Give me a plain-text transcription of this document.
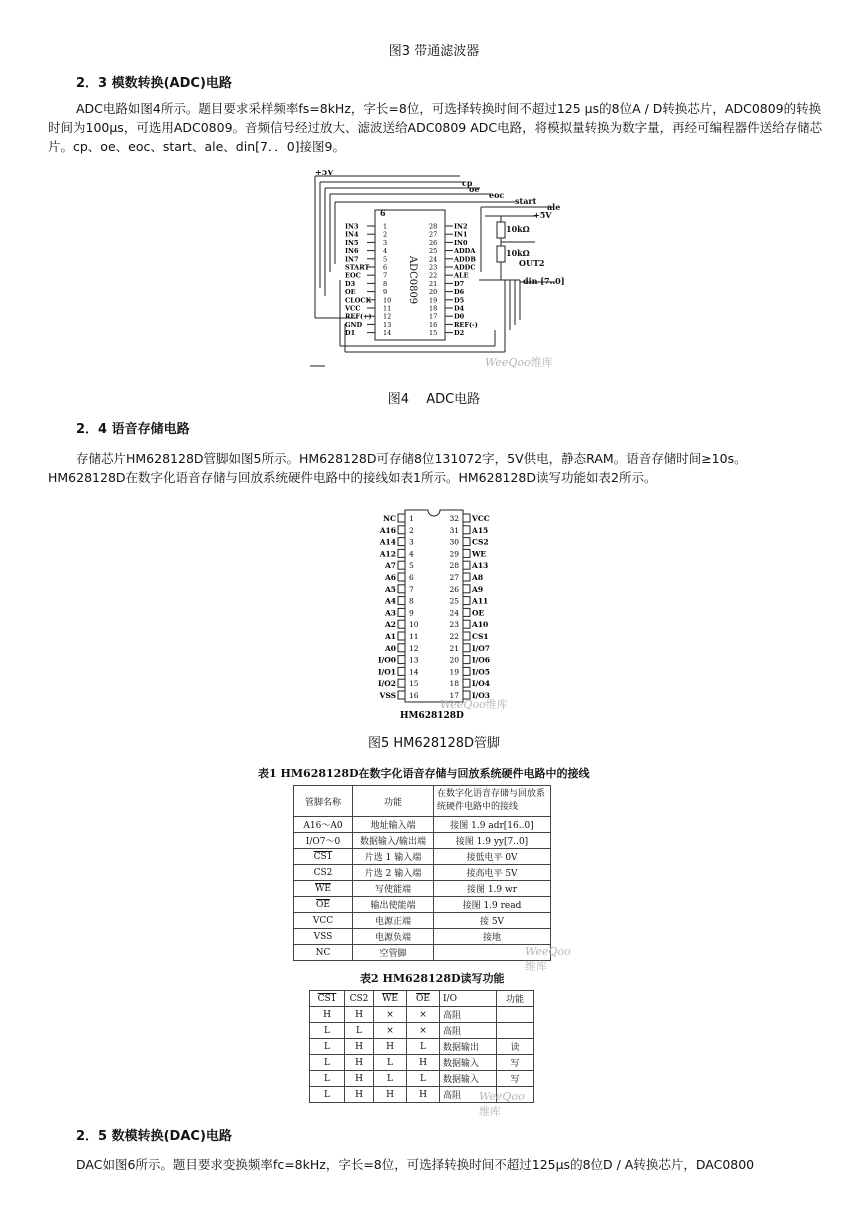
图3 带通滤波器
2．3 模数转换(ADC)电路
ADC电路如图4所示。题目要求采样频率fs=8kHz，字长=8位，可选择转换时间不超过125 μs的8位A / D转换芯片，ADC0809的转换时间为100μs，可选用ADC0809。音频信号经过放大、滤波送给ADC0809 ADC电路，将模拟量转换为数字量，再经可编程器件送给存储芯片。cp、oe、eoc、start、ale、din[7．．0]接图9。
IN3	1
IN4	2
IN5	3
IN6	4
IN7	5
START 6
EOC	7
D3	8
OE	9
CLOCK 10
VCC	11
REF(+) 12
GND	13
D1	14
28	IN2
27	IN1
26	IN0
25	ADDA
24	ADDB
23	ADDC
22	ALE
21	D7
20	D6
19	D5
18	D4
17	D0
16	REF(-)
15	D2
+5V
cp
oe
eoc
start
ale
+5V
10kΩ
10kΩ
OUT2
din [7..0]
6
ADC0809
WeeQoo维库
图4　 ADC电路
2．4 语音存储电路
存储芯片HM628128D管脚如图5所示。HM628128D可存储8位131072字，5V供电，静态RAM。语音存储时间≥10s。HM628128D在数字化语音存储与回放系统硬件电路中的接线如表1所示。HM628128D读写功能如表2所示。
NC 1
A16 2
A14 3
A12 4
A7 5
A6 6
A5 7
A4 8
A3 9
A2 10
A1 11
A0 12
I/O0 13
I/O1 14
I/O2 15
VSS 16
32 VCC
31 A15
30 CS2
29 WE
28 A13
27 A8
26 A9
25 A11
24 OE
23 A10
22 CS1
21 I/O7
20 I/O6
19 I/O5
18 I/O4
17 I/O3
HM628128D
WeeQoo维库
图5 HM628128D管脚
表1 HM628128D在数字化语音存储与回放系统硬件电路中的接线
管脚名称	功能	在数字化语音存储与回放系统硬件电路中的接线
A16～A0	地址输入端	接图 1.9 adr[16..0]
I/O7～0	数据输入/输出端	接图 1.9 yy[7..0]
CS1	片选 1 输入端	接低电平 0V
CS2	片选 2 输入端	接高电平 5V
$\overline{WE}$	写使能端	接图 1.9 wr
$\overline{OE}$	输出使能端	接图 1.9 read
VCC	电源正端	接 5V
VSS	电源负端	接地
NC	空管脚		WeeQoo维库
表2 HM628128D读写功能
CS1	CS2	$\overline{WE}$	$\overline{OE}$	I/O	功能
H	H	×	×	高阻	
L	L	×	×	高阻	
L	H	H	L	数据输出	读
L	H	L	H	数据输入	写
L	H	L	L	数据输入	写
L	H	H	H	高阻	WeeQoo维库
2．5 数模转换(DAC)电路
DAC如图6所示。题目要求变换频率fc=8kHz，字长=8位，可选择转换时间不超过125μs的8位D / A转换芯片，DAC0800
